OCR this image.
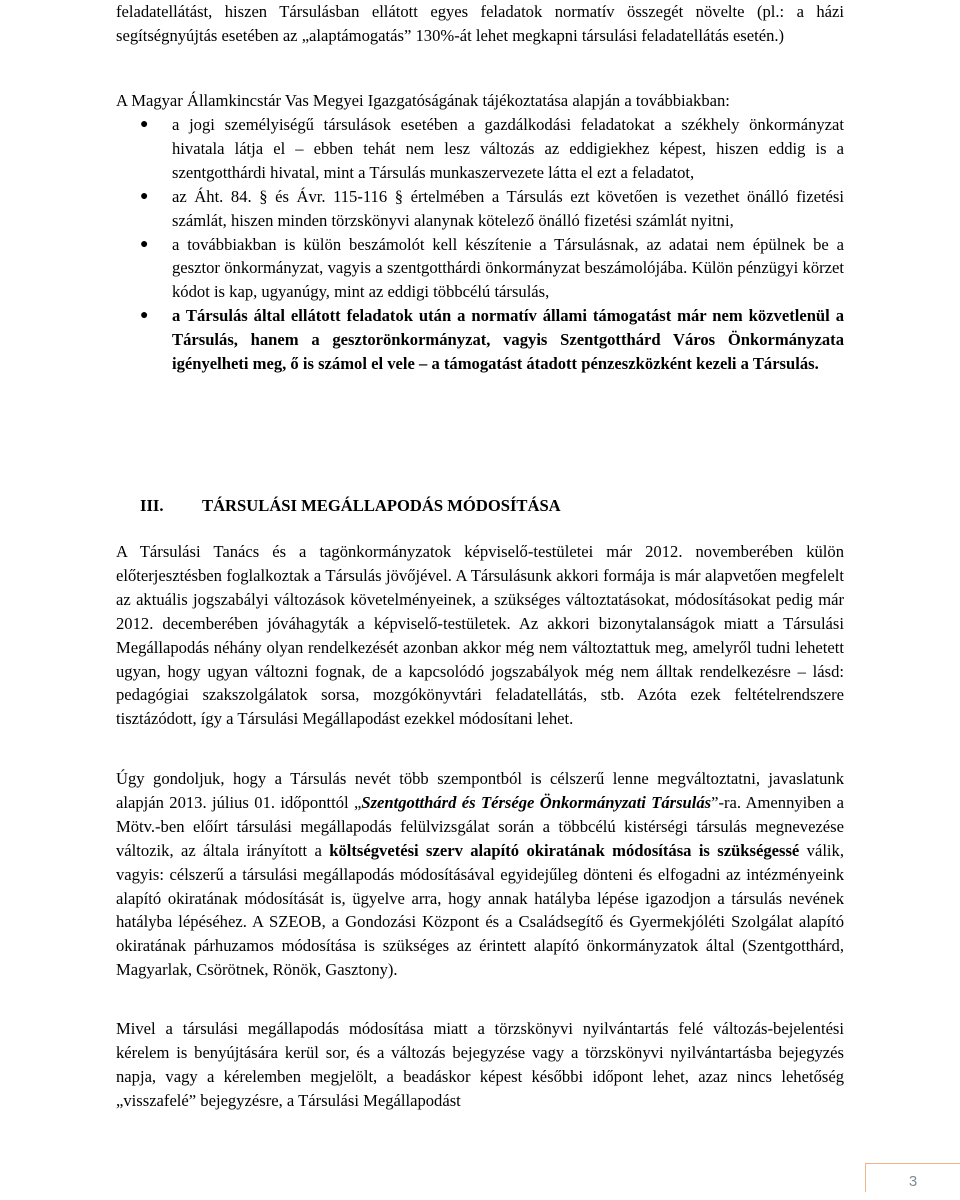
feladatellátást, hiszen Társulásban ellátott egyes feladatok normatív összegét növelte (pl.: a házi segítségnyújtás esetében az „alaptámogatás” 130%-át lehet megkapni társulási feladatellátás esetén.)

A Magyar Államkincstár Vas Megyei Igazgatóságának tájékoztatása alapján a továbbiakban:

● a jogi személyiségű társulások esetében a gazdálkodási feladatokat a székhely önkormányzat hivatala látja el – ebben tehát nem lesz változás az eddigiekhez képest, hiszen eddig is a szentgotthárdi hivatal, mint a Társulás munkaszervezete látta el ezt a feladatot,
● az Áht. 84. § és Ávr. 115-116 § értelmében a Társulás ezt követően is vezethet önálló fizetési számlát, hiszen minden törzskönyvi alanynak kötelező önálló fizetési számlát nyitni,
● a továbbiakban is külön beszámolót kell készítenie a Társulásnak, az adatai nem épülnek be a gesztor önkormányzat, vagyis a szentgotthárdi önkormányzat beszámolójába. Külön pénzügyi körzet kódot is kap, ugyanúgy, mint az eddigi többcélú társulás,
● a Társulás által ellátott feladatok után a normatív állami támogatást már nem közvetlenül a Társulás, hanem a gesztorönkormányzat, vagyis Szentgotthárd Város Önkormányzata igényelheti meg, ő is számol el vele – a támogatást átadott pénzeszközként kezeli a Társulás.
III. TÁRSULÁSI MEGÁLLAPODÁS MÓDOSÍTÁSA

A Társulási Tanács és a tagönkormányzatok képviselő-testületei már 2012. novemberében külön előterjesztésben foglalkoztak a Társulás jövőjével. A Társulásunk akkori formája is már alapvetően megfelelt az aktuális jogszabályi változások követelményeinek, a szükséges változtatásokat, módosításokat pedig már 2012. decemberében jóváhagyták a képviselő-testületek. Az akkori bizonytalanságok miatt a Társulási Megállapodás néhány olyan rendelkezését azonban akkor még nem változtattuk meg, amelyről tudni lehetett ugyan, hogy ugyan változni fognak, de a kapcsolódó jogszabályok még nem álltak rendelkezésre – lásd: pedagógiai szakszolgálatok sorsa, mozgókönyvtári feladatellátás, stb. Azóta ezek feltételrendszere tisztázódott, így a Társulási Megállapodást ezekkel módosítani lehet.

Úgy gondoljuk, hogy a Társulás nevét több szempontból is célszerű lenne megváltoztatni, javaslatunk alapján 2013. július 01. időponttól „Szentgotthárd és Térsége Önkormányzati Társulás”-ra. Amennyiben a Mötv.-ben előírt társulási megállapodás felülvizsgálat során a többcélú kistérségi társulás megnevezése változik, az általa irányított a költségvetési szerv alapító okiratának módosítása is szükségessé válik, vagyis: célszerű a társulási megállapodás módosításával egyidejűleg dönteni és elfogadni az intézményeink alapító okiratának módosítását is, ügyelve arra, hogy annak hatályba lépése igazodjon a társulás nevének hatályba lépéséhez. A SZEOB, a Gondozási Központ és a Családsegítő és Gyermekjóléti Szolgálat alapító okiratának párhuzamos módosítása is szükséges az érintett alapító önkormányzatok által (Szentgotthárd, Magyarlak, Csörötnek, Rönök, Gasztony).

Mivel a társulási megállapodás módosítása miatt a törzskönyvi nyilvántartás felé változás-bejelentési kérelem is benyújtására kerül sor, és a változás bejegyzése vagy a törzskönyvi nyilvántartásba bejegyzés napja, vagy a kérelemben megjelölt, a beadáskor képest későbbi időpont lehet, azaz nincs lehetőség „visszafelé” bejegyzésre, a Társulási Megállapodást

3
